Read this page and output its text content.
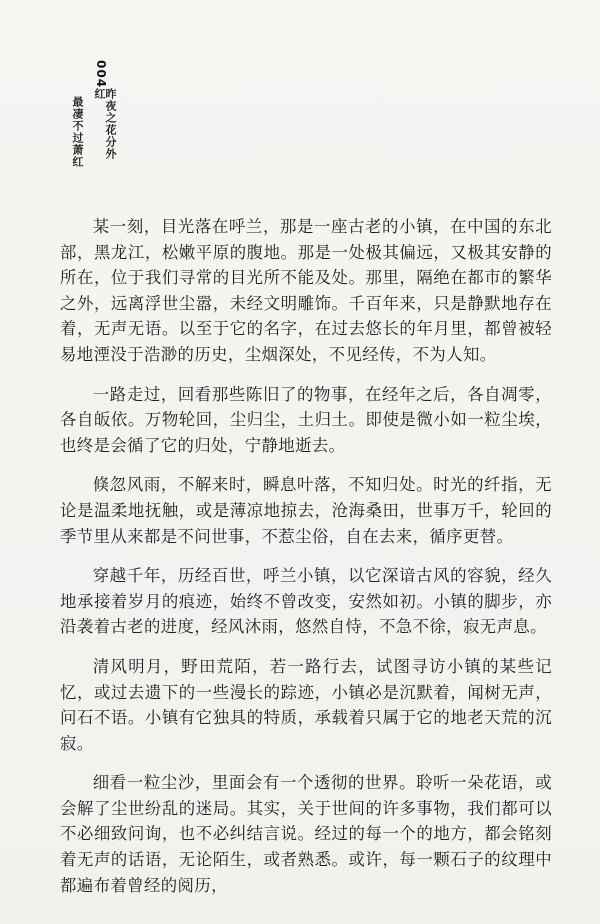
004
昨夜之花分外红
最凄不过萧红

某一刻，目光落在呼兰，那是一座古老的小镇，在中国的东北部，黑龙江，松嫩平原的腹地。那是一处极其偏远，又极其安静的所在，位于我们寻常的目光所不能及处。那里，隔绝在都市的繁华之外，远离浮世尘嚣，未经文明雕饰。千百年来，只是静默地存在着，无声无语。以至于它的名字，在过去悠长的年月里，都曾被轻易地湮没于浩渺的历史，尘烟深处，不见经传，不为人知。

一路走过，回看那些陈旧了的物事，在经年之后，各自凋零，各自皈依。万物轮回，尘归尘，土归土。即使是微小如一粒尘埃，也终是会循了它的归处，宁静地逝去。

倏忽风雨，不解来时，瞬息叶落，不知归处。时光的纤指，无论是温柔地抚触，或是薄凉地掠去，沧海桑田，世事万千，轮回的季节里从来都是不问世事，不惹尘俗，自在去来，循序更替。

穿越千年，历经百世，呼兰小镇，以它深谙古风的容貌，经久地承接着岁月的痕迹，始终不曾改变，安然如初。小镇的脚步，亦沿袭着古老的进度，经风沐雨，悠然自恃，不急不徐，寂无声息。

清风明月，野田荒陌，若一路行去，试图寻访小镇的某些记忆，或过去遗下的一些漫长的踪迹，小镇必是沉默着，闻树无声，问石不语。小镇有它独具的特质，承载着只属于它的地老天荒的沉寂。

细看一粒尘沙，里面会有一个透彻的世界。聆听一朵花语，或会解了尘世纷乱的迷局。其实，关于世间的许多事物，我们都可以不必细致问询，也不必纠结言说。经过的每一个的地方，都会铭刻着无声的话语，无论陌生，或者熟悉。或许，每一颗石子的纹理中都遍布着曾经的阅历，
